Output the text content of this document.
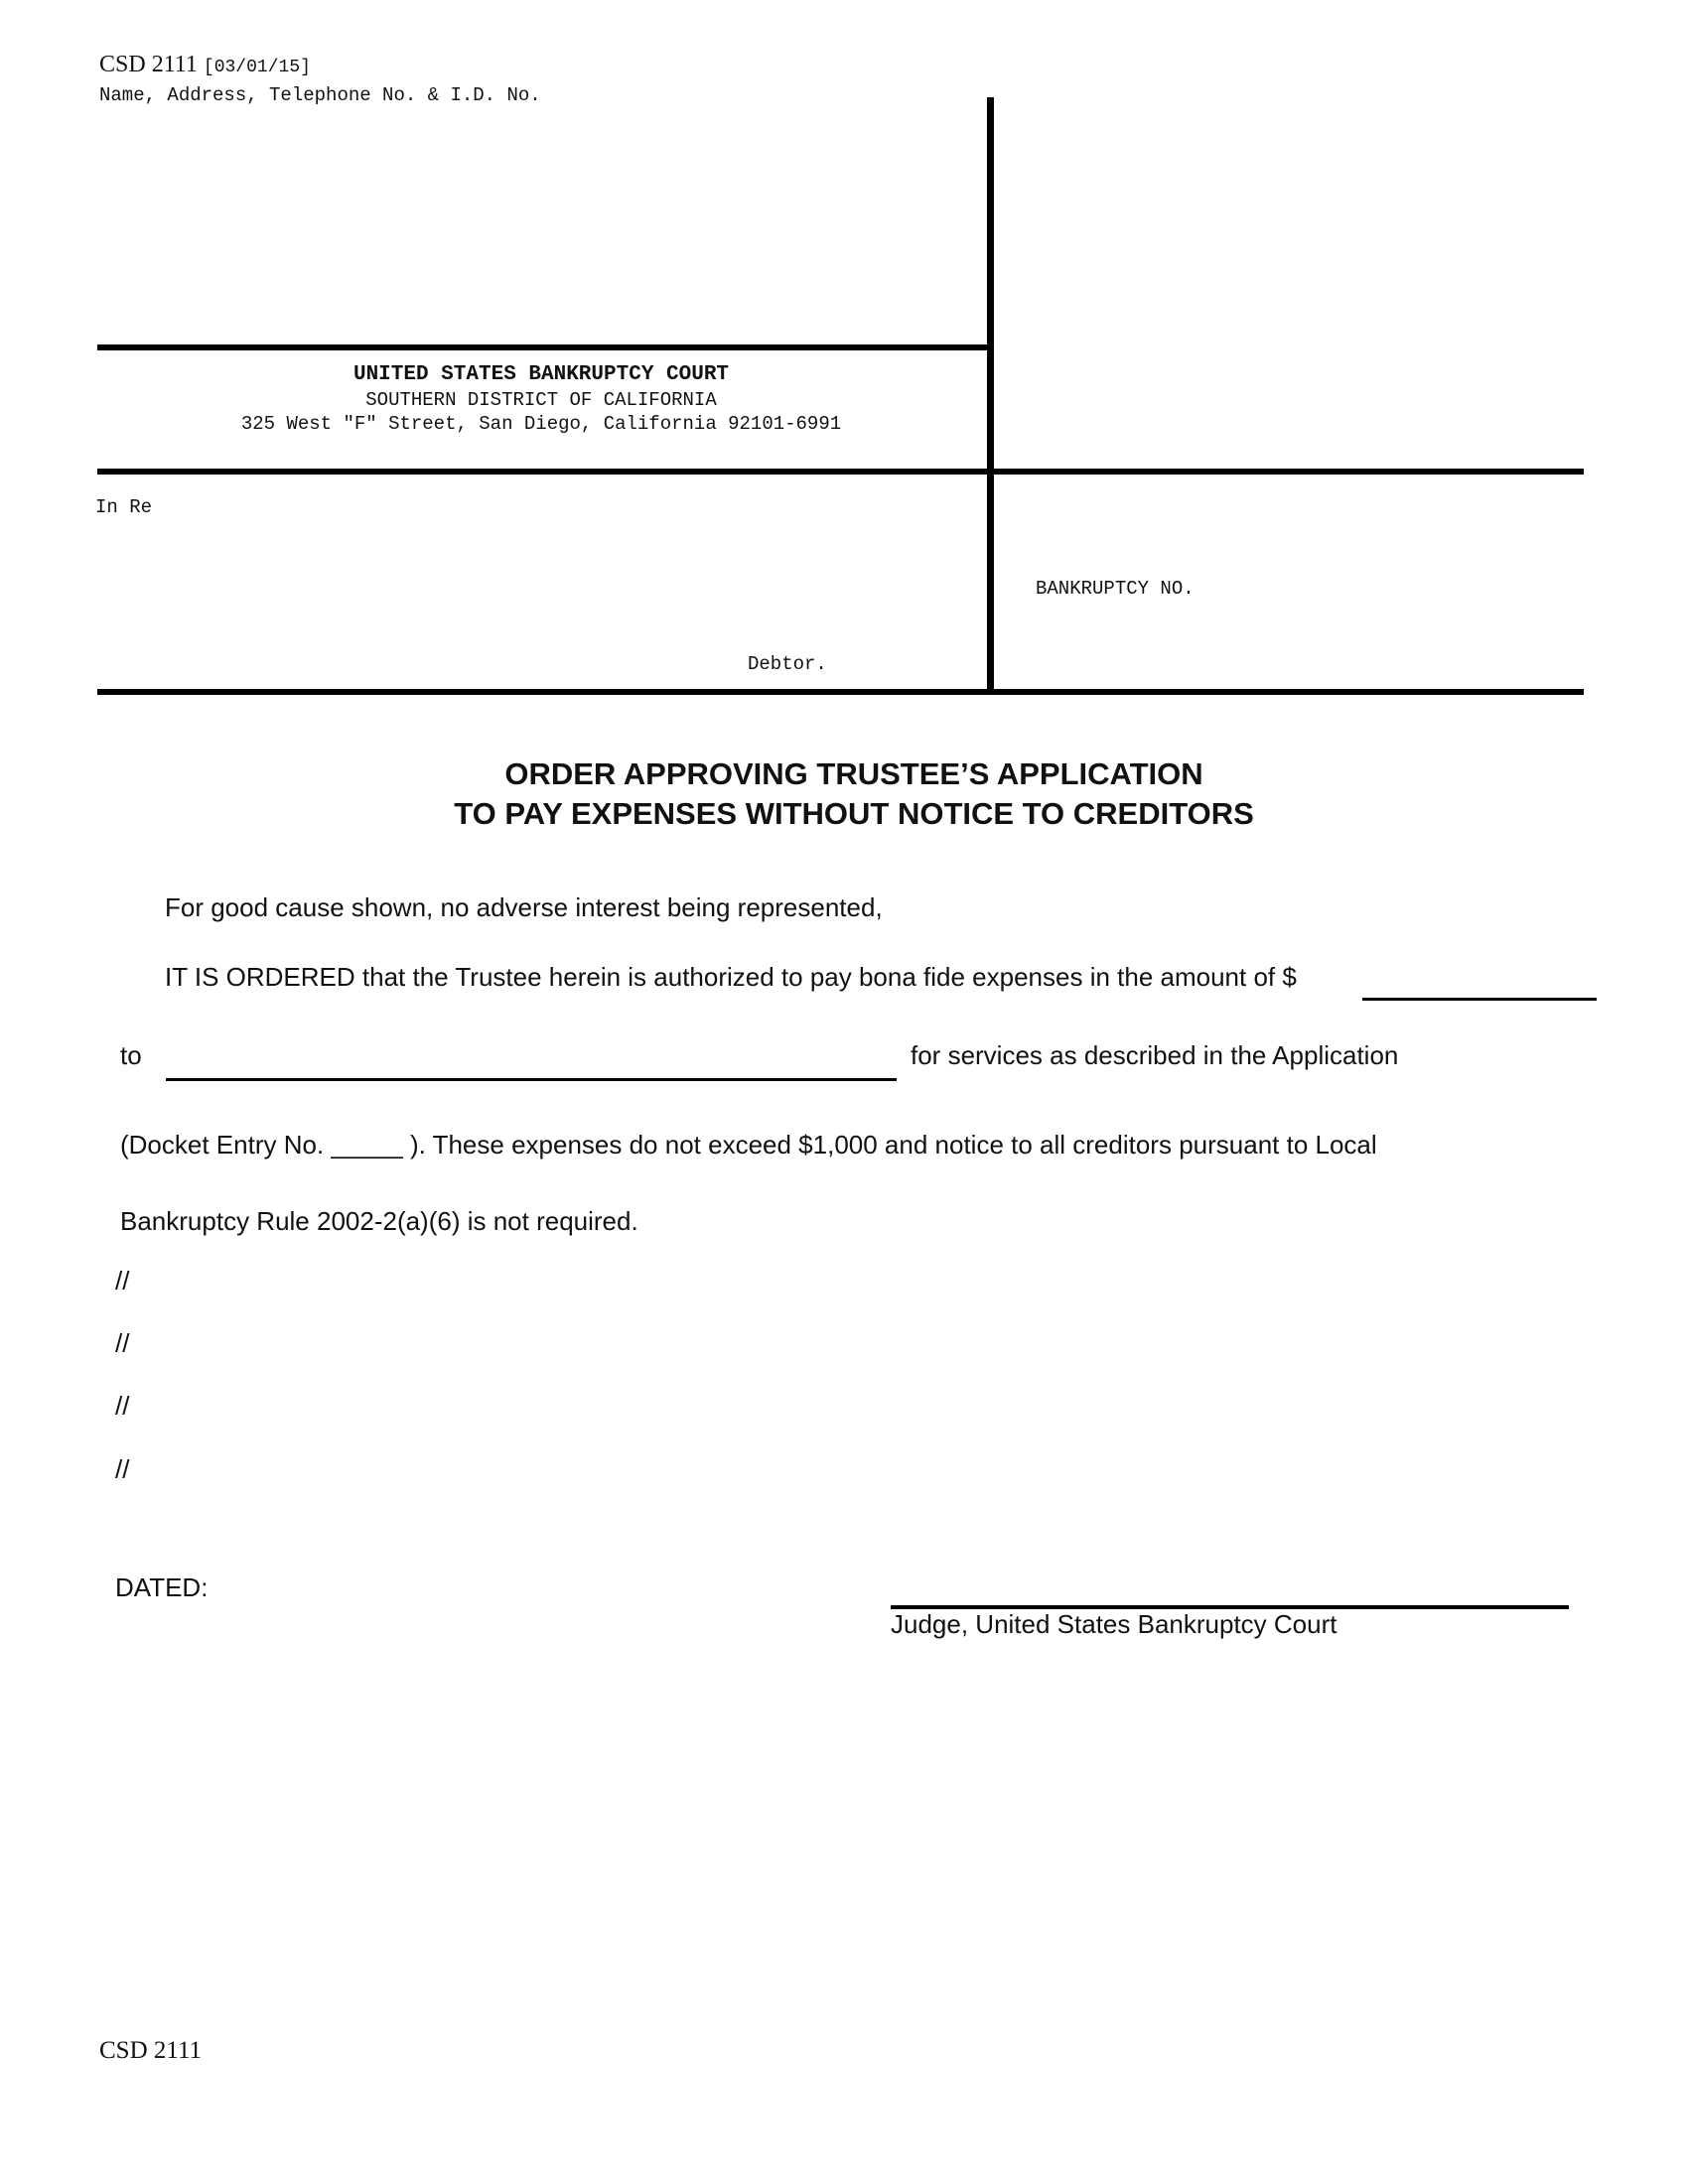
CSD 2111 [03/01/15]
Name, Address, Telephone No. & I.D. No.
UNITED STATES BANKRUPTCY COURT
SOUTHERN DISTRICT OF CALIFORNIA
325 West "F" Street, San Diego, California 92101-6991
In Re
Debtor.
BANKRUPTCY NO.
ORDER APPROVING TRUSTEE’S APPLICATION
TO PAY EXPENSES WITHOUT NOTICE TO CREDITORS
For good cause shown, no adverse interest being represented,
IT IS ORDERED that the Trustee herein is authorized to pay bona fide expenses in the amount of $
to	for services as described in the Application
(Docket Entry No. _____ ). These expenses do not exceed $1,000 and notice to all creditors pursuant to Local
Bankruptcy Rule 2002-2(a)(6) is not required.
//
//
//
//
DATED:
Judge, United States Bankruptcy Court
CSD 2111
